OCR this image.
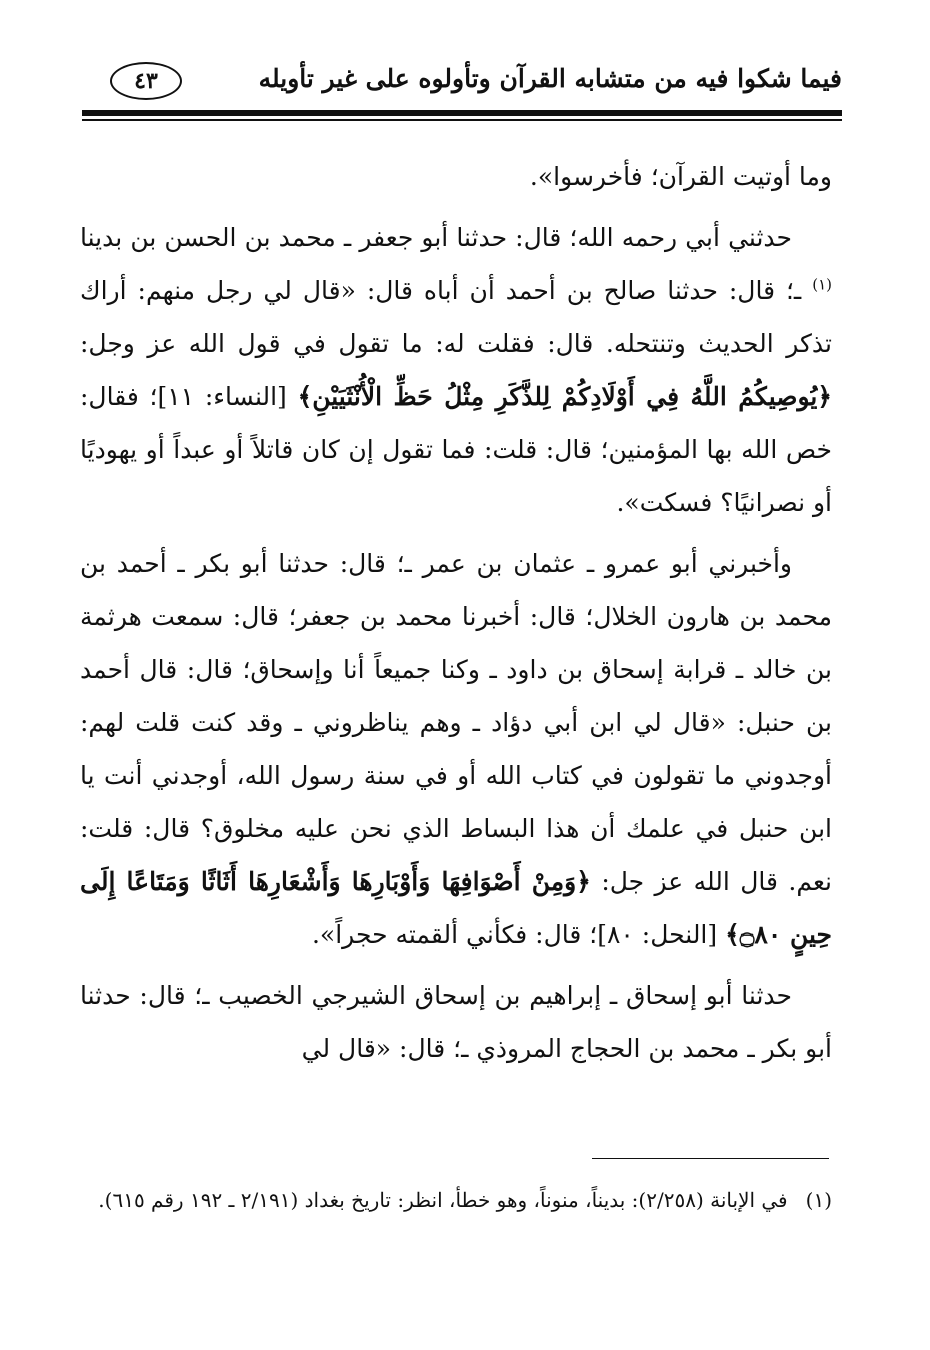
فيما شكوا فيه من متشابه القرآن وتأولوه على غير تأويله
٤٣

وما أوتيت القرآن؛ فأخرسوا».

حدثني أبي رحمه الله؛ قال: حدثنا أبو جعفر ـ محمد بن الحسن بن بدينا $^{(١)}$ ـ؛ قال: حدثنا صالح بن أحمد أن أباه قال: «قال لي رجل منهم: أراك تذكر الحديث وتنتحله. قال: فقلت له: ما تقول في قول الله عز وجل: ﴿يُوصِيكُمُ اللَّهُ فِي أَوْلَادِكُمْ لِلذَّكَرِ مِثْلُ حَظِّ الْأُنْثَيَيْنِ﴾ [النساء: ١١]؛ فقال: خص الله بها المؤمنين؛ قال: قلت: فما تقول إن كان قاتلاً أو عبداً أو يهوديًا أو نصرانيًا؟ فسكت».

وأخبرني أبو عمرو ـ عثمان بن عمر ـ؛ قال: حدثنا أبو بكر ـ أحمد بن محمد بن هارون الخلال؛ قال: أخبرنا محمد بن جعفر؛ قال: سمعت هرثمة بن خالد ـ قرابة إسحاق بن داود ـ وكنا جميعاً أنا وإسحاق؛ قال: قال أحمد بن حنبل: «قال لي ابن أبي دؤاد ـ وهم يناظروني ـ وقد كنت قلت لهم: أوجدوني ما تقولون في كتاب الله أو في سنة رسول الله، أوجدني أنت يا ابن حنبل في علمك أن هذا البساط الذي نحن عليه مخلوق؟ قال: قلت: نعم. قال الله عز جل: ﴿وَمِنْ أَصْوَافِهَا وَأَوْبَارِهَا وَأَشْعَارِهَا أَثَاثًا وَمَتَاعًا إِلَى حِينٍ ۝٨٠﴾ [النحل: ٨٠]؛ قال: فكأني ألقمته حجراً».

حدثنا أبو إسحاق ـ إبراهيم بن إسحاق الشيرجي الخصيب ـ؛ قال: حدثنا أبو بكر ـ محمد بن الحجاج المروذي ـ؛ قال: «قال لي

(١)في الإبانة (٢/٢٥٨): بديناً، منوناً، وهو خطأ، انظر: تاريخ بغداد (٢/١٩١ ـ ١٩٢ رقم ٦١٥).
